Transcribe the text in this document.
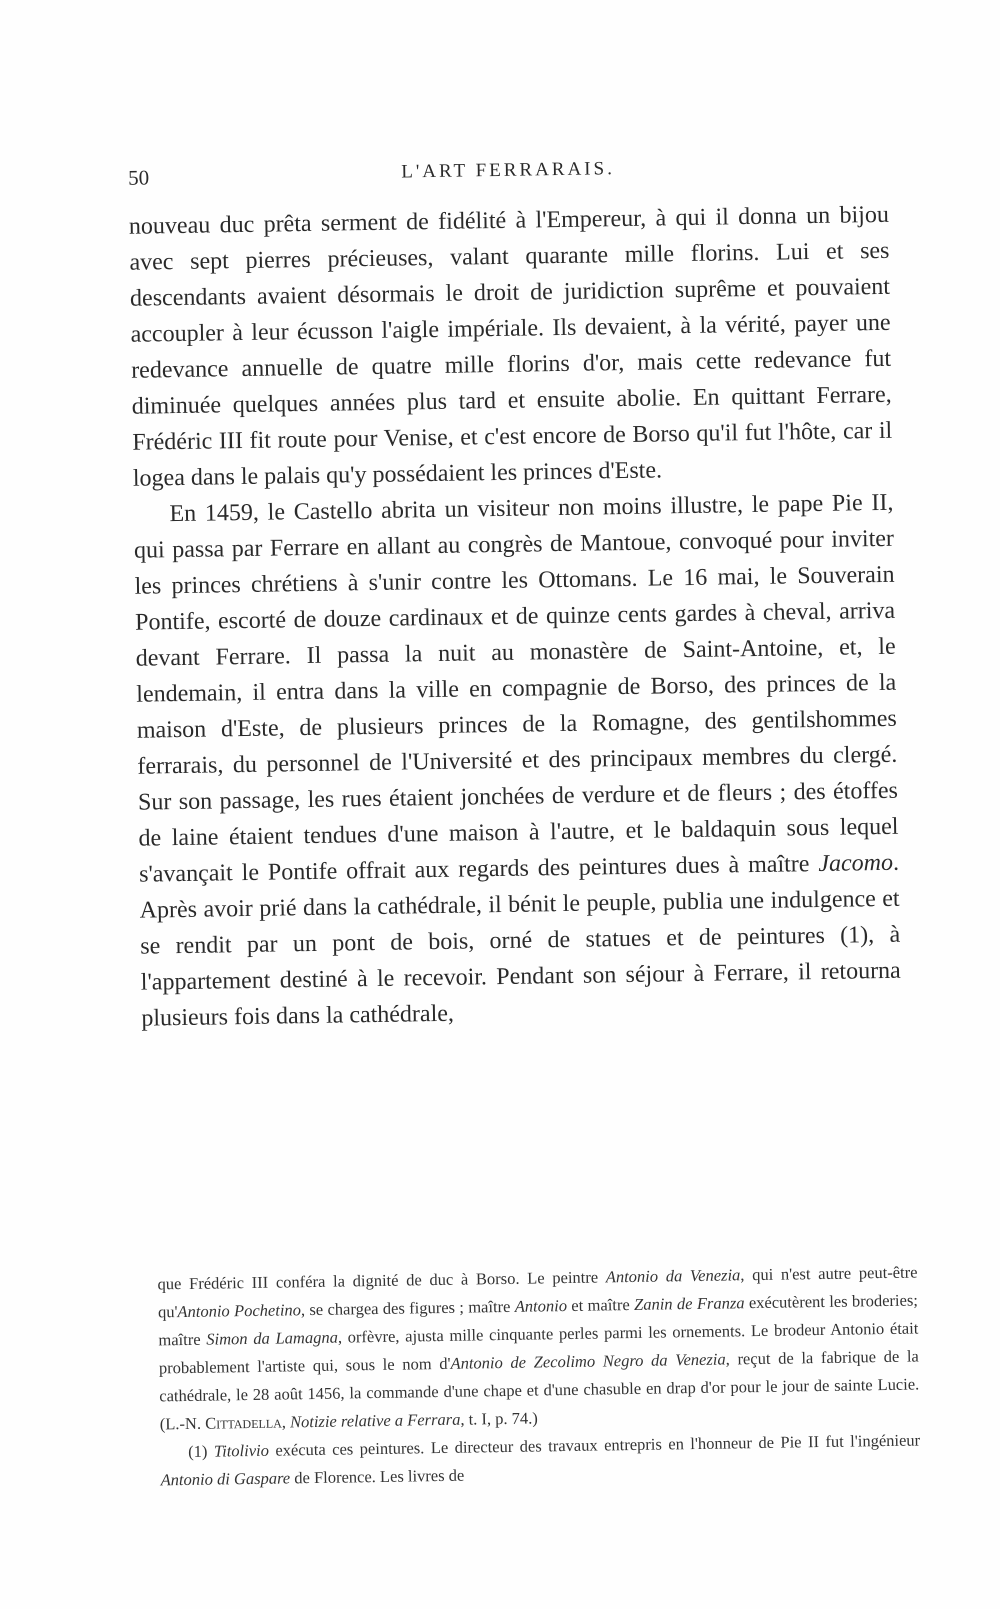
50	L'ART FERRARAIS.

nouveau duc prêta serment de fidélité à l'Empereur, à qui il donna un bijou avec sept pierres précieuses, valant quarante mille florins. Lui et ses descendants avaient désormais le droit de juridiction suprême et pouvaient accoupler à leur écusson l'aigle impériale. Ils devaient, à la vérité, payer une redevance annuelle de quatre mille florins d'or, mais cette redevance fut diminuée quelques années plus tard et ensuite abolie. En quittant Ferrare, Frédéric III fit route pour Venise, et c'est encore de Borso qu'il fut l'hôte, car il logea dans le palais qu'y possédaient les princes d'Este.

En 1459, le Castello abrita un visiteur non moins illustre, le pape Pie II, qui passa par Ferrare en allant au congrès de Mantoue, convoqué pour inviter les princes chrétiens à s'unir contre les Ottomans. Le 16 mai, le Souverain Pontife, escorté de douze cardinaux et de quinze cents gardes à cheval, arriva devant Ferrare. Il passa la nuit au monastère de Saint-Antoine, et, le lendemain, il entra dans la ville en compagnie de Borso, des princes de la maison d'Este, de plusieurs princes de la Romagne, des gentilshommes ferrarais, du personnel de l'Université et des principaux membres du clergé. Sur son passage, les rues étaient jonchées de verdure et de fleurs ; des étoffes de laine étaient tendues d'une maison à l'autre, et le baldaquin sous lequel s'avançait le Pontife offrait aux regards des peintures dues à maître Jacomo. Après avoir prié dans la cathédrale, il bénit le peuple, publia une indulgence et se rendit par un pont de bois, orné de statues et de peintures (1), à l'appartement destiné à le recevoir. Pendant son séjour à Ferrare, il retourna plusieurs fois dans la cathédrale,

que Frédéric III conféra la dignité de duc à Borso. Le peintre Antonio da Venezia, qui n'est autre peut-être qu'Antonio Pochetino, se chargea des figures ; maître Antonio et maître Zanin de Franza exécutèrent les broderies; maître Simon da Lamagna, orfèvre, ajusta mille cinquante perles parmi les ornements. Le brodeur Antonio était probablement l'artiste qui, sous le nom d'Antonio de Zecolimo Negro da Venezia, reçut de la fabrique de la cathédrale, le 28 août 1456, la commande d'une chape et d'une chasuble en drap d'or pour le jour de sainte Lucie. (L.-N. Cittadella, Notizie relative a Ferrara, t. I, p. 74.)

(1) Titolivio exécuta ces peintures. Le directeur des travaux entrepris en l'honneur de Pie II fut l'ingénieur Antonio di Gaspare de Florence. Les livres de
